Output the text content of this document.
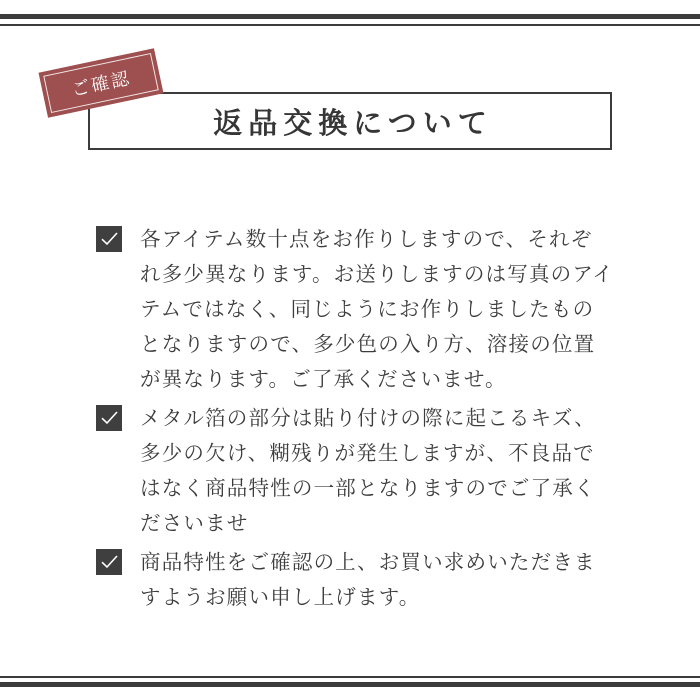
返品交換について
ご確認
各アイテム数十点をお作りしますので、それぞれ多少異なります。お送りしますのは写真のアイテムではなく、同じようにお作りしましたものとなりますので、多少色の入り方、溶接の位置が異なります。ご了承くださいませ。
メタル箔の部分は貼り付けの際に起こるキズ、多少の欠け、糊残りが発生しますが、不良品ではなく商品特性の一部となりますのでご了承くださいませ
商品特性をご確認の上、お買い求めいただきますようお願い申し上げます。
